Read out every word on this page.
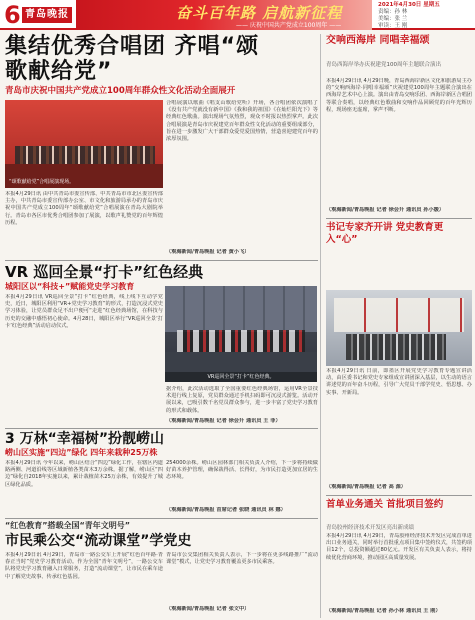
6 青岛晚报	奋斗百年路 启航新征程
—— 庆祝中国共产党成立100周年 ——
2021年4月30日 星期五
责编：孙 林
美编：张 兰
审读：王 刚
集结优秀合唱团 齐唱“颂歌献给党”
青岛市庆祝中国共产党成立100周年群众性文化活动全面展开
“颂歌献给党”合唱展演现场。
本报4月29日讯 由中共青岛市委宣传部、中共青岛市市北区委宣传部主办，中共青岛市委宣传部办公室、市文化和旅游局承办的青岛市庆祝中国共产党成立100周年“颂歌献给党”合唱展演在青岛大剧院举行。青岛市各区市优秀合唱团参加了展演，以歌声礼赞党的百年辉煌历程。
合唱展演以歌曲《唱支山歌给党听》开场，各合唱团依次演唱了《没有共产党就没有新中国》《我和我的祖国》《在灿烂阳光下》等经典红色歌曲。演出现场气氛热烈，观众不时报以热烈掌声。此次合唱展演是青岛市庆祝建党百年群众性文化活动的重要组成部分，旨在进一步激发广大干部群众爱党爱国热情，营造喜迎建党百年的浓厚氛围。
（观海新闻/青岛晚报 记者 黄小飞）
VR 巡回全景“打卡”红色经典
城阳区以“科技+”赋能党史学习教育
本报4月29日讯 VR巡回全景“打卡”红色经典，线上线下互动学党史，近日，城阳区利用“VR+党史学习教育”的形式，打造沉浸式党史学习体验，让党员群众足不出户便可“走进”红色经典场馆，在科技与历史的交融中感悟初心使命。4月28日，城阳区举行“VR巡回全景‘打卡’红色经典”活动启动仪式。
VR巡回全景“打卡”红色经典。
据介绍，此次活动选取了全国重要红色经典场馆，运用VR全景技术进行线上复原，党员群众通过手机扫码即可沉浸式游览。活动开展以来，已吸引数千名党员群众参与，进一步丰富了党史学习教育的形式和载体。
（观海新闻/青岛晚报 记者 徐会升 通讯员 王 菲）
3 万林“幸福树”扮靓崂山
崂山区实施“四边”绿化 四年来栽种25万株
本报4月29日讯 今年以来，崂山区结合“四边”绿化工作，在辖区内道路两侧、河道沿线等区域新植各类苗木3万余株。据了解，崂山区“四边”绿化自2018年实施以来，累计栽植苗木25万余株，有效提升了城区绿化品质。
254000余株。崂山区园林部门相关负责人介绍，下一步将持续做好苗木养护管理，确保栽得活、长得好，为市民打造更加宜居的生态环境。
（观海新闻/青岛晚报 首席记者 张晓 通讯员 林 娜）
“红色教育”搭载全国“青年文明号”
市民乘公交“流动课堂”学党史
本报4月29日讯 4月29日，青岛市一路公交车上开展“红色百年路·青春正当时”党史学习教育活动。作为全国“青年文明号”，一路公交车队将党史学习教育融入日常服务，打造“流动课堂”，让市民在乘车途中了解党史故事、传承红色基因。
青岛市公交集团相关负责人表示，下一步将在更多线路推广“流动课堂”模式，让党史学习教育覆盖更多市民乘客。
（观海新闻/青岛晚报 记者 张文中）
交响西海岸 同唱幸福颂
青岛西海岸举办庆祝建党100周年主题联合演出
本报4月29日讯 4月29日晚，青岛西海岸新区文化和旅游局主办的“交响西海岸·同唱幸福颂”庆祝建党100周年主题联合演出在西海岸艺术中心上演。演出由青岛交响乐团、西海岸新区合唱团等联合奏唱，以经典红色歌曲和交响作品回顾党的百年光辉历程，现场座无虚席，掌声不断。
（观海新闻/青岛晚报 记者 徐会升 通讯员 孙小媛）
书记专家齐开讲 党史教育更入“心”
本报4月29日讯 日前，即墨区开展党史学习教育专题宣讲活动，由区委书记和党史专家组成宣讲团深入基层，以生动的语言讲述党的百年奋斗历程，引导广大党员干部学党史、悟思想、办实事、开新局。
（观海新闻/青岛晚报 记者 高 源）
首单业务通关 首批项目签约
青岛胶州经济技术开发区亮出新成绩
本报4月29日讯 4月29日，青岛胶州经济技术开发区完成首单进出口业务通关，同时举行首批重点项目集中签约仪式，共签约项目12个，总投资额超过80亿元。开发区有关负责人表示，将持续优化营商环境，推动园区高质量发展。
（观海新闻/青岛晚报 记者 孙小林 通讯员 王 刚）
